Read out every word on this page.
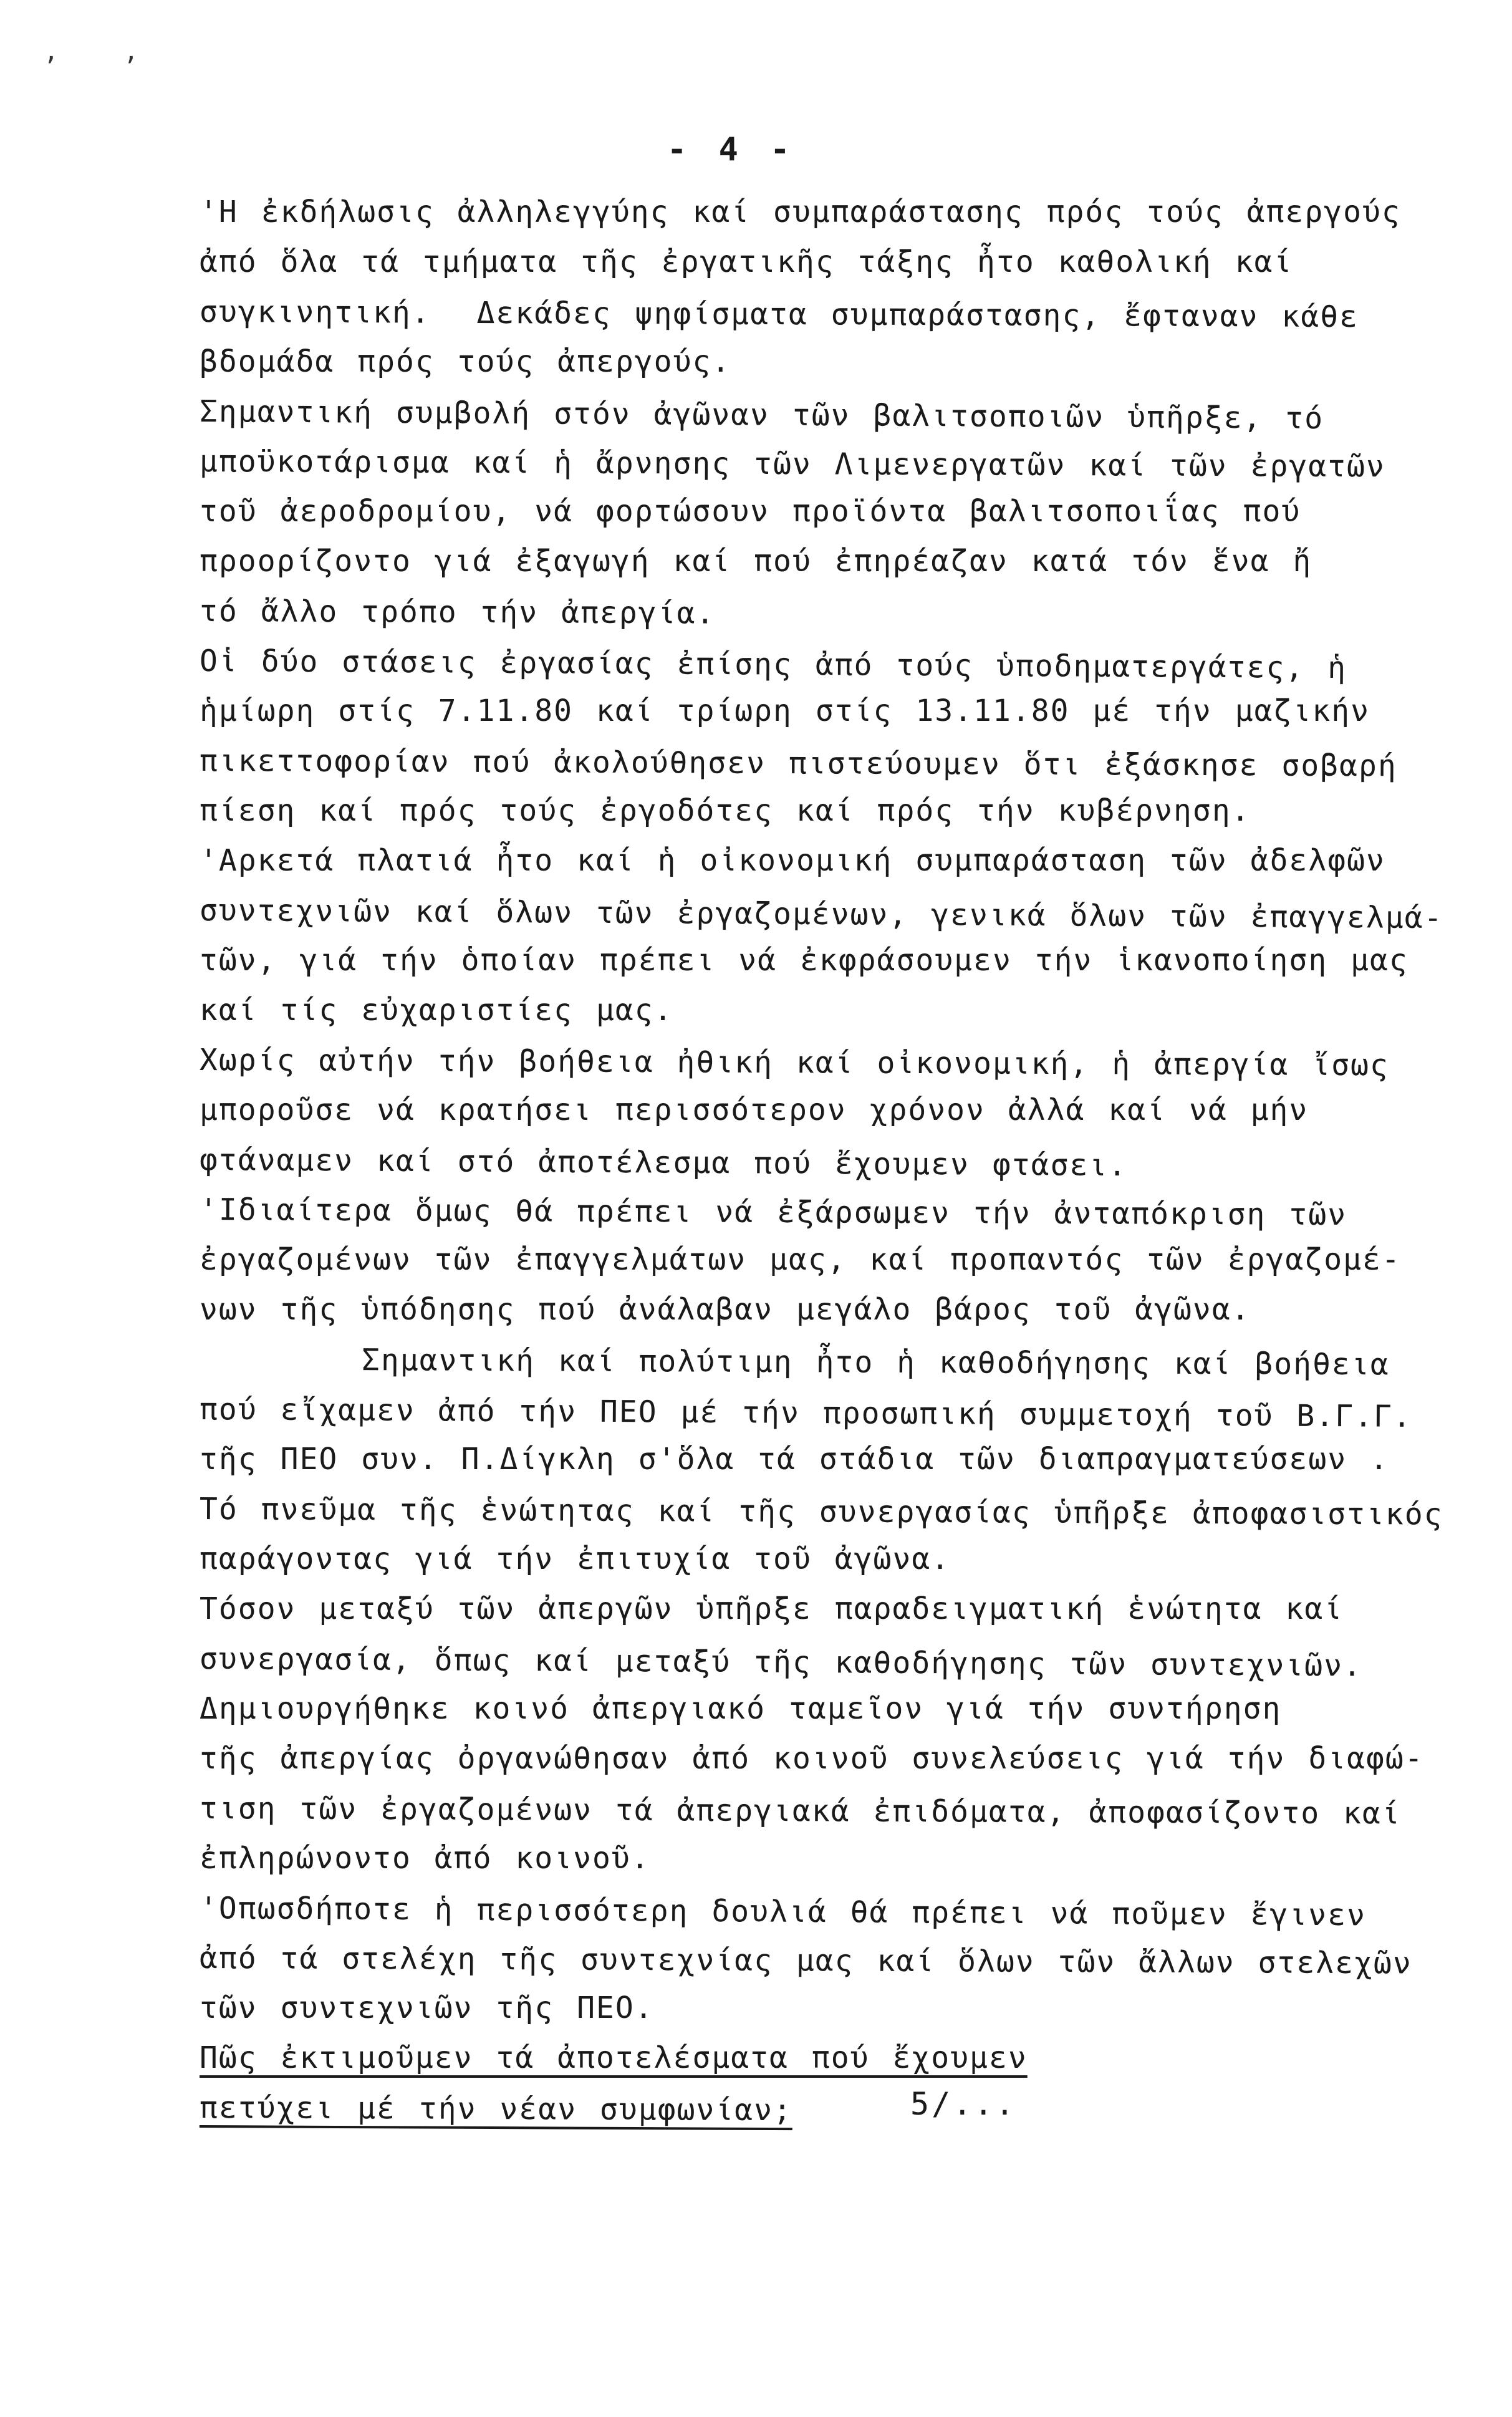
, ,
- 4 -
'Η ἐκδήλωσις ἀλληλεγγύης καί συμπαράστασης πρός τούς ἀπεργούς
ἀπό ὅλα τά τμήματα τῆς ἐργατικῆς τάξης ἦτο καθολική καί
συγκινητική.  Δεκάδες ψηφίσματα συμπαράστασης, ἔφταναν κάθε
βδομάδα πρός τούς ἀπεργούς.
Σημαντική συμβολή στόν ἀγῶναν τῶν βαλιτσοποιῶν ὑπῆρξε, τό
μποϋκοτάρισμα καί ἡ ἄρνησης τῶν Λιμενεργατῶν καί τῶν ἐργατῶν
τοῦ ἀεροδρομίου, νά φορτώσουν προϊόντα βαλιτσοποιΐας πού
προορίζοντο γιά ἐξαγωγή καί πού ἐπηρέαζαν κατά τόν ἕνα ἤ
τό ἄλλο τρόπο τήν ἀπεργία.
Οἱ δύο στάσεις ἐργασίας ἐπίσης ἀπό τούς ὑποδηματεργάτες, ἡ
ἡμίωρη στίς 7.11.80 καί τρίωρη στίς 13.11.80 μέ τήν μαζικήν
πικεττοφορίαν πού ἀκολούθησεν πιστεύουμεν ὅτι ἐξάσκησε σοβαρή
πίεση καί πρός τούς ἐργοδότες καί πρός τήν κυβέρνηση.
'Αρκετά πλατιά ἦτο καί ἡ οἰκονομική συμπαράσταση τῶν ἀδελφῶν
συντεχνιῶν καί ὅλων τῶν ἐργαζομένων, γενικά ὅλων τῶν ἐπαγγελμά-
τῶν, γιά τήν ὁποίαν πρέπει νά ἐκφράσουμεν τήν ἱκανοποίηση μας
καί τίς εὐχαριστίες μας.
Χωρίς αὐτήν τήν βοήθεια ἠθική καί οἰκονομική, ἡ ἀπεργία ἴσως
μποροῦσε νά κρατήσει περισσότερον χρόνον ἀλλά καί νά μήν
φτάναμεν καί στό ἀποτέλεσμα πού ἔχουμεν φτάσει.
'Ιδιαίτερα ὅμως θά πρέπει νά ἐξάρσωμεν τήν ἀνταπόκριση τῶν
ἐργαζομένων τῶν ἐπαγγελμάτων μας, καί προπαντός τῶν ἐργαζομέ-
νων τῆς ὑπόδησης πού ἀνάλαβαν μεγάλο βάρος τοῦ ἀγῶνα.
Σημαντική καί πολύτιμη ἦτο ἡ καθοδήγησης καί βοήθεια
πού εἴχαμεν ἀπό τήν ΠΕΟ μέ τήν προσωπική συμμετοχή τοῦ Β.Γ.Γ.
τῆς ΠΕΟ συν. Π.Δίγκλη σ'ὅλα τά στάδια τῶν διαπραγματεύσεων .
Τό πνεῦμα τῆς ἑνώτητας καί τῆς συνεργασίας ὑπῆρξε ἀποφασιστικός
παράγοντας γιά τήν ἐπιτυχία τοῦ ἀγῶνα.
Τόσον μεταξύ τῶν ἀπεργῶν ὑπῆρξε παραδειγματική ἑνώτητα καί
συνεργασία, ὅπως καί μεταξύ τῆς καθοδήγησης τῶν συντεχνιῶν.
Δημιουργήθηκε κοινό ἀπεργιακό ταμεῖον γιά τήν συντήρηση
τῆς ἀπεργίας ὀργανώθησαν ἀπό κοινοῦ συνελεύσεις γιά τήν διαφώ-
τιση τῶν ἐργαζομένων τά ἀπεργιακά ἐπιδόματα, ἀποφασίζοντο καί
ἐπληρώνοντο ἀπό κοινοῦ.
'Οπωσδήποτε ἡ περισσότερη δουλιά θά πρέπει νά ποῦμεν ἔγινεν
ἀπό τά στελέχη τῆς συντεχνίας μας καί ὅλων τῶν ἄλλων στελεχῶν
τῶν συντεχνιῶν τῆς ΠΕΟ.
Πῶς ἐκτιμοῦμεν τά ἀποτελέσματα πού ἔχουμεν
πετύχει μέ τήν νέαν συμφωνίαν;	5/...
